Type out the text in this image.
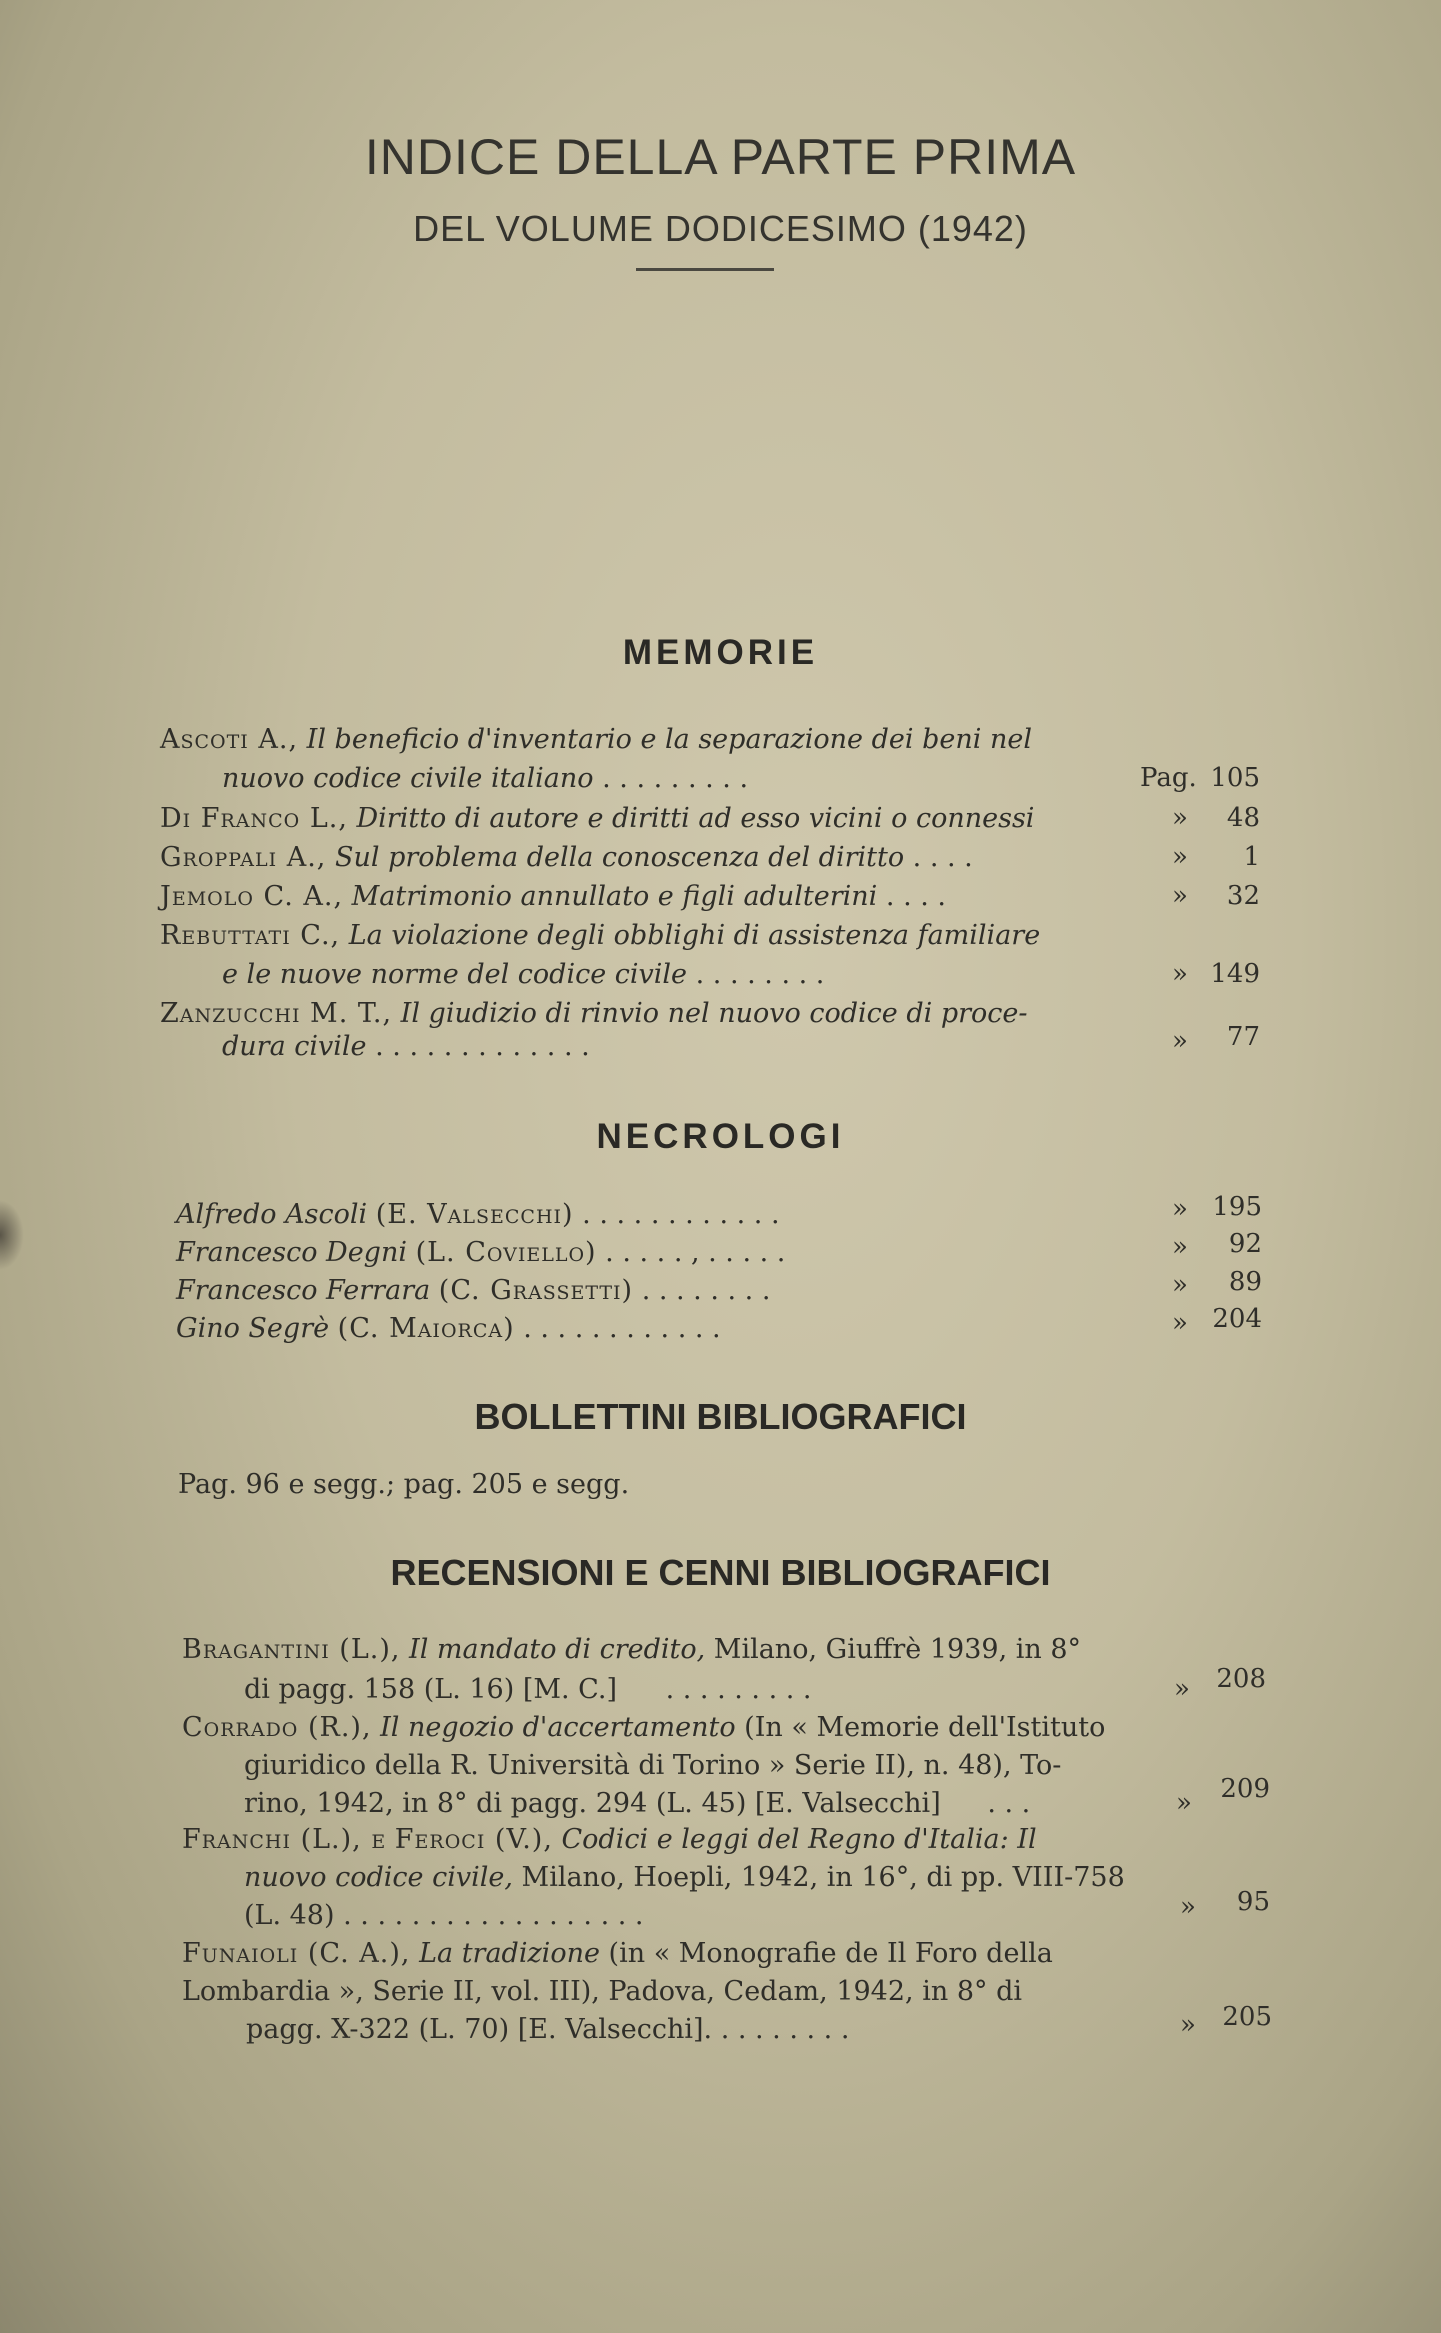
INDICE DELLA PARTE PRIMA
DEL VOLUME DODICESIMO (1942)
MEMORIE
Ascoti A., Il beneficio d'inventario e la separazione dei beni nel
nuovo codice civile italiano . . . . . . . . .	Pag. 105
Di Franco L., Diritto di autore e diritti ad esso vicini o connessi	»	48
Groppali A., Sul problema della conoscenza del diritto . . . .	»	1
Jemolo C. A., Matrimonio annullato e figli adulterini . . . .	»	32
Rebuttati C., La violazione degli obblighi di assistenza familiare
e le nuove norme del codice civile . . . . . . . .	» 149
Zanzucchi M. T., Il giudizio di rinvio nel nuovo codice di proce-
dura civile . . . . . . . . . . . . .	»	77
NECROLOGI
Alfredo Ascoli (E. Valsecchi) . . . . . . . . . . . .	» 195
Francesco Degni (L. Coviello) . . . . . , . . . . .	»	92
Francesco Ferrara (C. Grassetti) . . . . . . . .	»	89
Gino Segrè (C. Maiorca) . . . . . . . . . . . .	» 204
BOLLETTINI BIBLIOGRAFICI
Pag. 96 e segg.; pag. 205 e segg.
RECENSIONI E CENNI BIBLIOGRAFICI
Bragantini (L.), Il mandato di credito, Milano, Giuffrè 1939, in 8°
di pagg. 158 (L. 16) [M. C.] . . . . . . . . .	»	208
Corrado (R.), Il negozio d'accertamento (In « Memorie dell'Istituto
giuridico della R. Università di Torino » Serie II), n. 48), To-
rino, 1942, in 8° di pagg. 294 (L. 45) [E. Valsecchi] . . .	»	209
Franchi (L.), e Feroci (V.), Codici e leggi del Regno d'Italia: Il
nuovo codice civile, Milano, Hoepli, 1942, in 16°, di pp. VIII-758
(L. 48) . . . . . . . . . . . . . . . . . .	»	95
Funaioli (C. A.), La tradizione (in « Monografie de Il Foro della
Lombardia », Serie II, vol. III), Padova, Cedam, 1942, in 8° di
pagg. X-322 (L. 70) [E. Valsecchi]. . . . . . . . .	»	205
